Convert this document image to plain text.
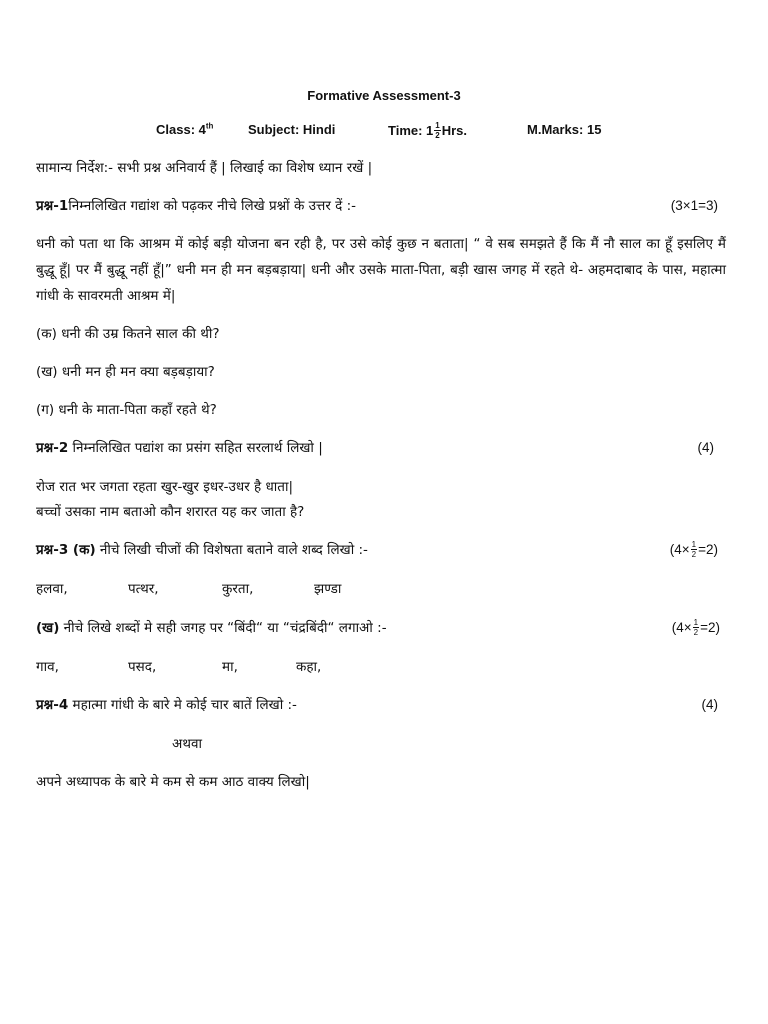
Formative Assessment-3
Class: 4th	Subject: Hindi	Time: $1 \frac{1}{2}$ Hrs.	M.Marks: 15
सामान्य निर्देश:- सभी प्रश्न अनिवार्य हैं | लिखाई का विशेष ध्यान रखें |
प्रश्न-1निम्नलिखित गद्यांश को पढ़कर नीचे लिखे प्रश्नों के उत्तर दें :-	(3×1=3)
धनी को पता था कि आश्रम में कोई बड़ी योजना बन रही है, पर उसे कोई कुछ न बताता| “ वे सब समझते हैं कि मैं नौ साल का हूँ इसलिए मैं बुद्धू हूँ| पर मैं बुद्धू नहीं हूँ|” धनी मन ही मन बड़बड़ाया| धनी और उसके माता-पिता, बड़ी खास जगह में रहते थे- अहमदाबाद के पास, महात्मा गांधी के सावरमती आश्रम में|
(क) धनी की उम्र कितने साल की थी?
(ख) धनी मन ही मन क्या बड़बड़ाया?
(ग) धनी के माता-पिता कहाँ रहते थे?
प्रश्न-2 निम्नलिखित पद्यांश का प्रसंग सहित सरलार्थ लिखो |	(4)
रोज रात भर जगता रहता खुर-खुर इधर-उधर है धाता|
बच्चों उसका नाम बताओ कौन शरारत यह कर जाता है?
प्रश्न-3 (क) नीचे लिखी चीजों की विशेषता बताने वाले शब्द लिखो :-	$(4\times \frac{1}{2} =2)$
हलवा,	पत्थर,	कुरता,	झण्डा
(ख) नीचे लिखे शब्दों मे सही जगह पर “बिंदी“ या “चंद्रबिंदी“ लगाओ :-	$(4\times \frac{1}{2} =2)$
गाव,	पसद,	मा,	कहा,
प्रश्न-4 महात्मा गांधी के बारे मे कोई चार बातें लिखो :-	(4)
अथवा
अपने अध्यापक के बारे मे कम से कम आठ वाक्य लिखो|
